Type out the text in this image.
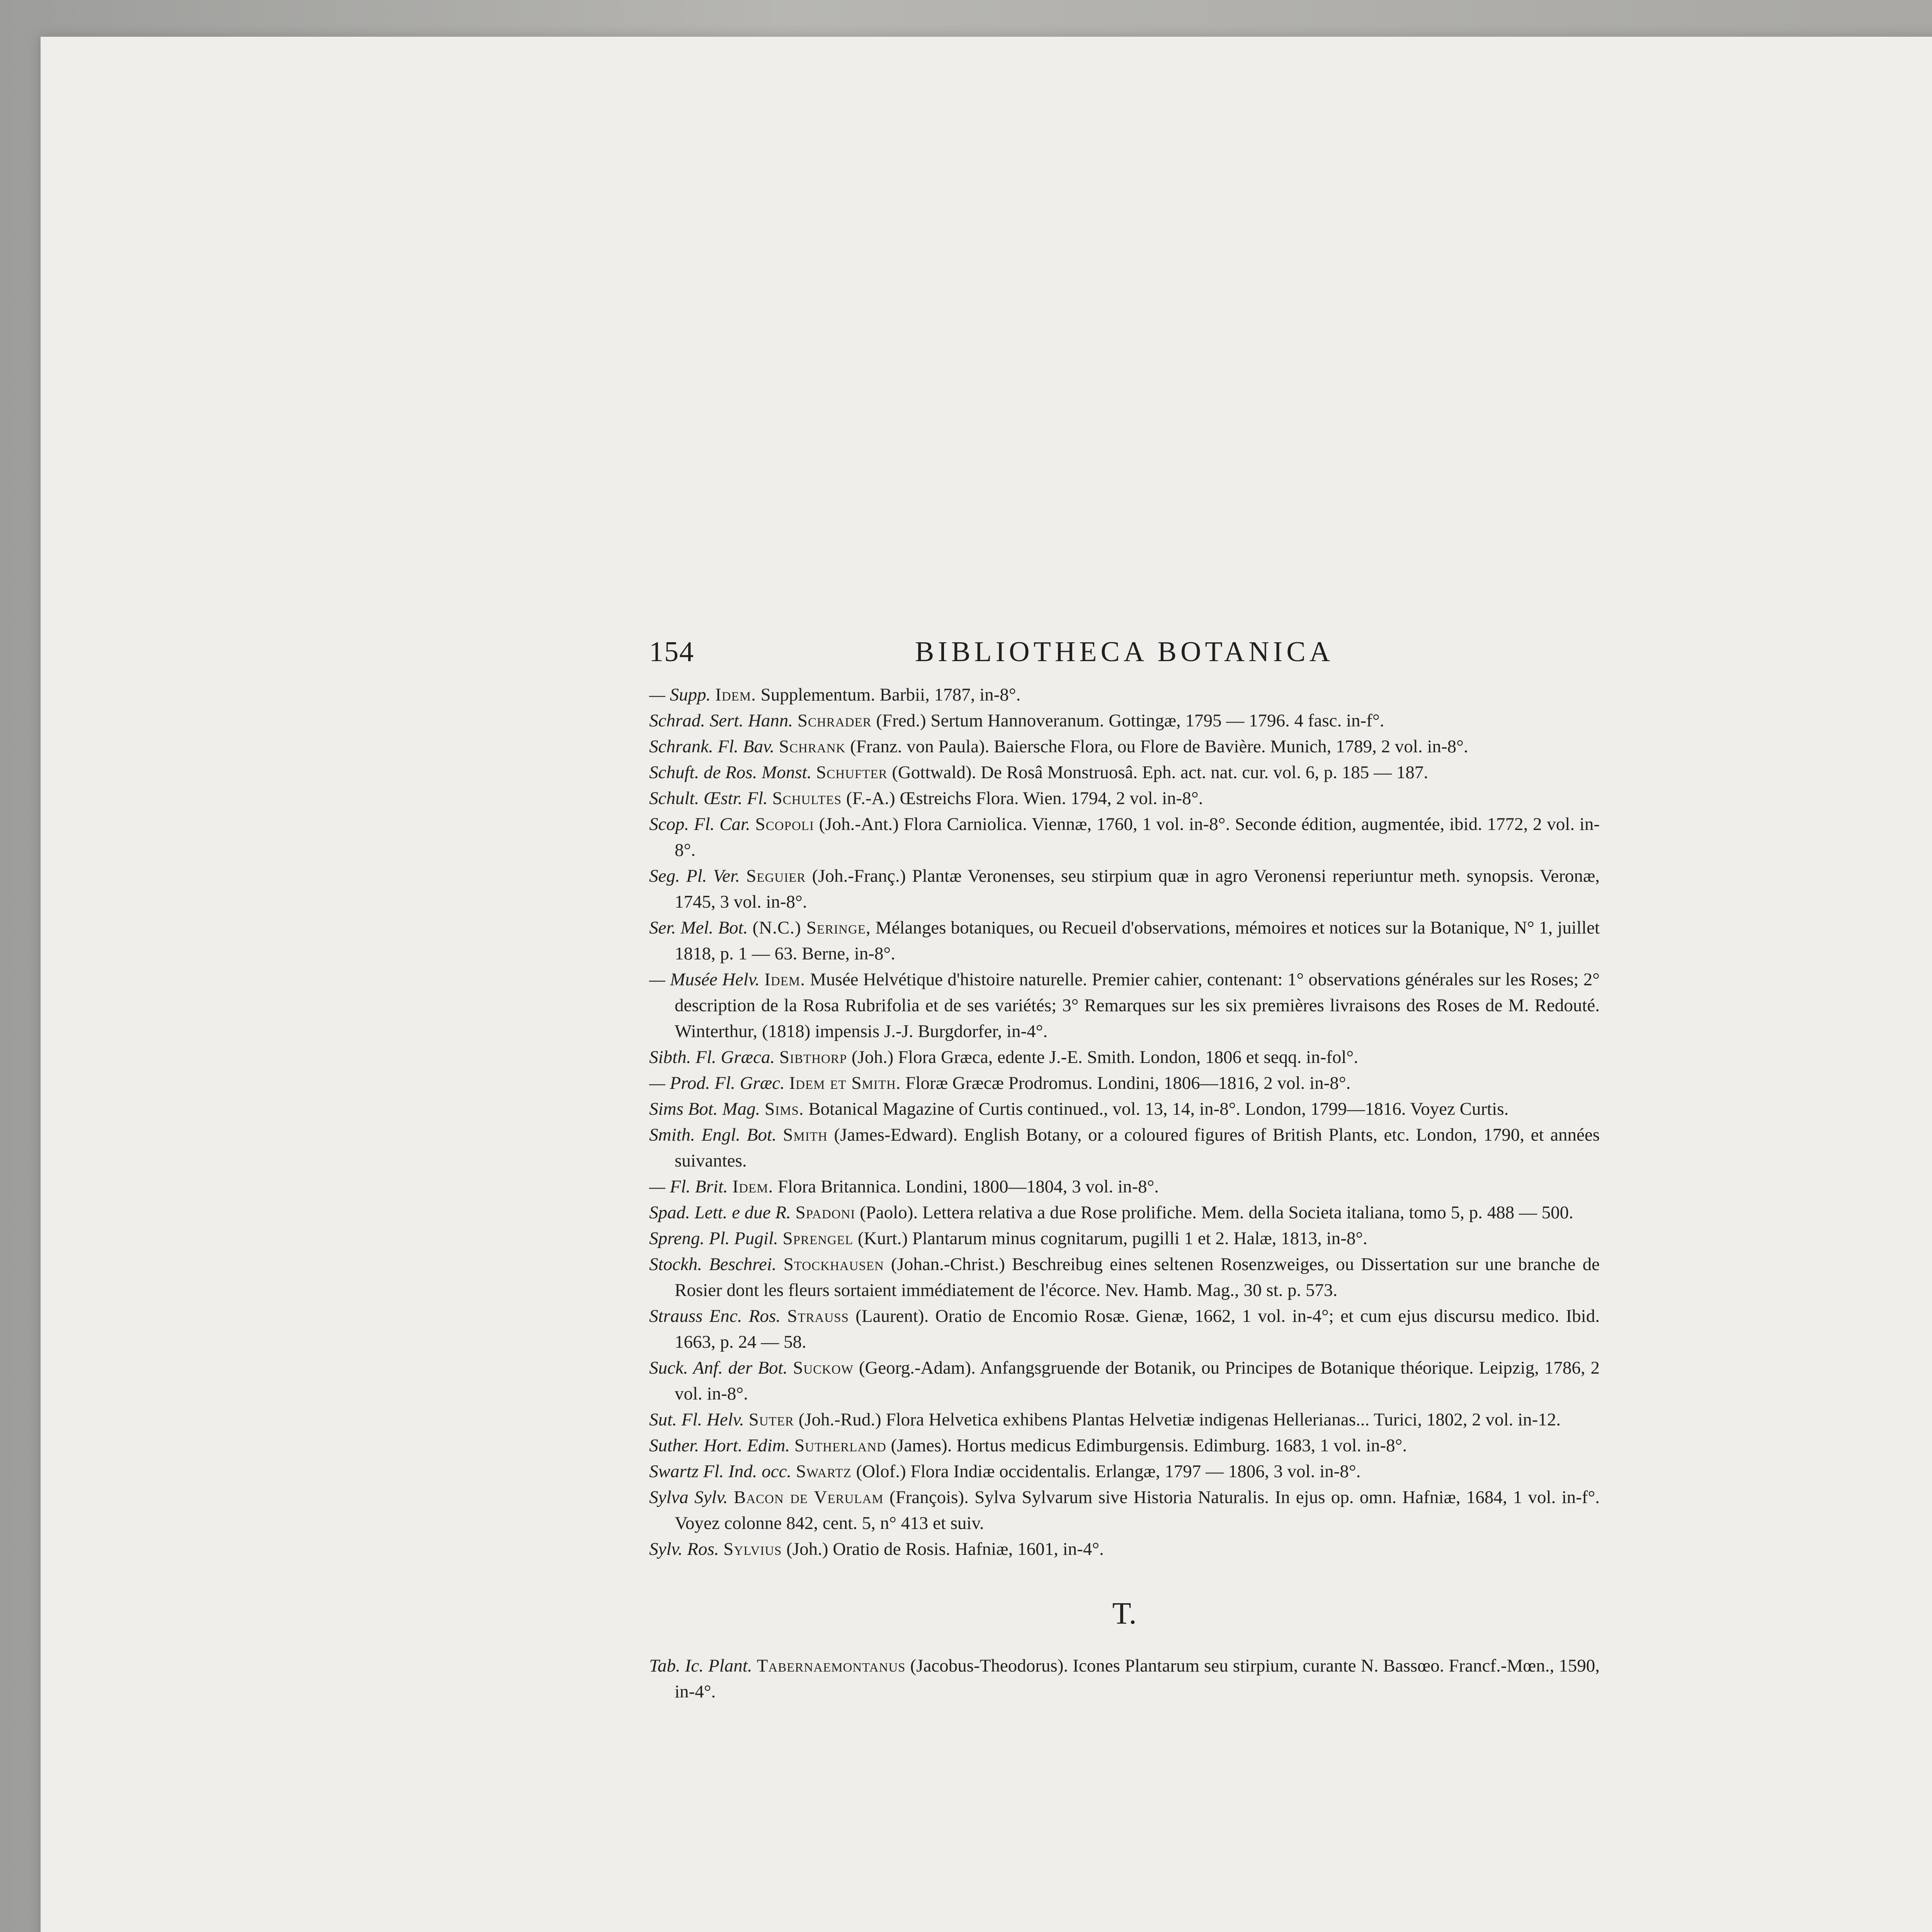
154	BIBLIOTHECA BOTANICA
— Supp. Idem. Supplementum. Barbii, 1787, in-8°.
Schrad. Sert. Hann. Schrader (Fred.) Sertum Hannoveranum. Gottingæ, 1795 — 1796. 4 fasc. in-f°.
Schrank. Fl. Bav. Schrank (Franz. von Paula). Baiersche Flora, ou Flore de Bavière. Munich, 1789, 2 vol. in-8°.
Schuft. de Ros. Monst. Schufter (Gottwald). De Rosâ Monstruosâ. Eph. act. nat. cur. vol. 6, p. 185 — 187.
Schult. Œstr. Fl. Schultes (F.-A.) Œstreichs Flora. Wien. 1794, 2 vol. in-8°.
Scop. Fl. Car. Scopoli (Joh.-Ant.) Flora Carniolica. Viennæ, 1760, 1 vol. in-8°. Seconde édition, augmentée, ibid. 1772, 2 vol. in-8°.
Seg. Pl. Ver. Seguier (Joh.-Franç.) Plantæ Veronenses, seu stirpium quæ in agro Veronensi reperiuntur meth. synopsis. Veronæ, 1745, 3 vol. in-8°.
Ser. Mel. Bot. (N.C.) Seringe, Mélanges botaniques, ou Recueil d'observations, mémoires et notices sur la Botanique, N° 1, juillet 1818, p. 1 — 63. Berne, in-8°.
— Musée Helv. Idem. Musée Helvétique d'histoire naturelle. Premier cahier, contenant: 1° observations générales sur les Roses; 2° description de la Rosa Rubrifolia et de ses variétés; 3° Remarques sur les six premières livraisons des Roses de M. Redouté. Winterthur, (1818) impensis J.-J. Burgdorfer, in-4°.
Sibth. Fl. Græca. Sibthorp (Joh.) Flora Græca, edente J.-E. Smith. London, 1806 et seqq. in-fol°.
— Prod. Fl. Græc. Idem et Smith. Floræ Græcæ Prodromus. Londini, 1806—1816, 2 vol. in-8°.
Sims Bot. Mag. Sims. Botanical Magazine of Curtis continued., vol. 13, 14, in-8°. London, 1799—1816. Voyez Curtis.
Smith. Engl. Bot. Smith (James-Edward). English Botany, or a coloured figures of British Plants, etc. London, 1790, et années suivantes.
— Fl. Brit. Idem. Flora Britannica. Londini, 1800—1804, 3 vol. in-8°.
Spad. Lett. e due R. Spadoni (Paolo). Lettera relativa a due Rose prolifiche. Mem. della Societa italiana, tomo 5, p. 488 — 500.
Spreng. Pl. Pugil. Sprengel (Kurt.) Plantarum minus cognitarum, pugilli 1 et 2. Halæ, 1813, in-8°.
Stockh. Beschrei. Stockhausen (Johan.-Christ.) Beschreibug eines seltenen Rosenzweiges, ou Dissertation sur une branche de Rosier dont les fleurs sortaient immédiatement de l'écorce. Nev. Hamb. Mag., 30 st. p. 573.
Strauss Enc. Ros. Strauss (Laurent). Oratio de Encomio Rosæ. Gienæ, 1662, 1 vol. in-4°; et cum ejus discursu medico. Ibid. 1663, p. 24 — 58.
Suck. Anf. der Bot. Suckow (Georg.-Adam). Anfangsgruende der Botanik, ou Principes de Botanique théorique. Leipzig, 1786, 2 vol. in-8°.
Sut. Fl. Helv. Suter (Joh.-Rud.) Flora Helvetica exhibens Plantas Helvetiæ indigenas Hellerianas... Turici, 1802, 2 vol. in-12.
Suther. Hort. Edim. Sutherland (James). Hortus medicus Edimburgensis. Edimburg. 1683, 1 vol. in-8°.
Swartz Fl. Ind. occ. Swartz (Olof.) Flora Indiæ occidentalis. Erlangæ, 1797 — 1806, 3 vol. in-8°.
Sylva Sylv. Bacon de Verulam (François). Sylva Sylvarum sive Historia Naturalis. In ejus op. omn. Hafniæ, 1684, 1 vol. in-f°. Voyez colonne 842, cent. 5, n° 413 et suiv.
Sylv. Ros. Sylvius (Joh.) Oratio de Rosis. Hafniæ, 1601, in-4°.
T.
Tab. Ic. Plant. Tabernaemontanus (Jacobus-Theodorus). Icones Plantarum seu stirpium, curante N. Bassœo. Francf.-Mœn., 1590, in-4°.
